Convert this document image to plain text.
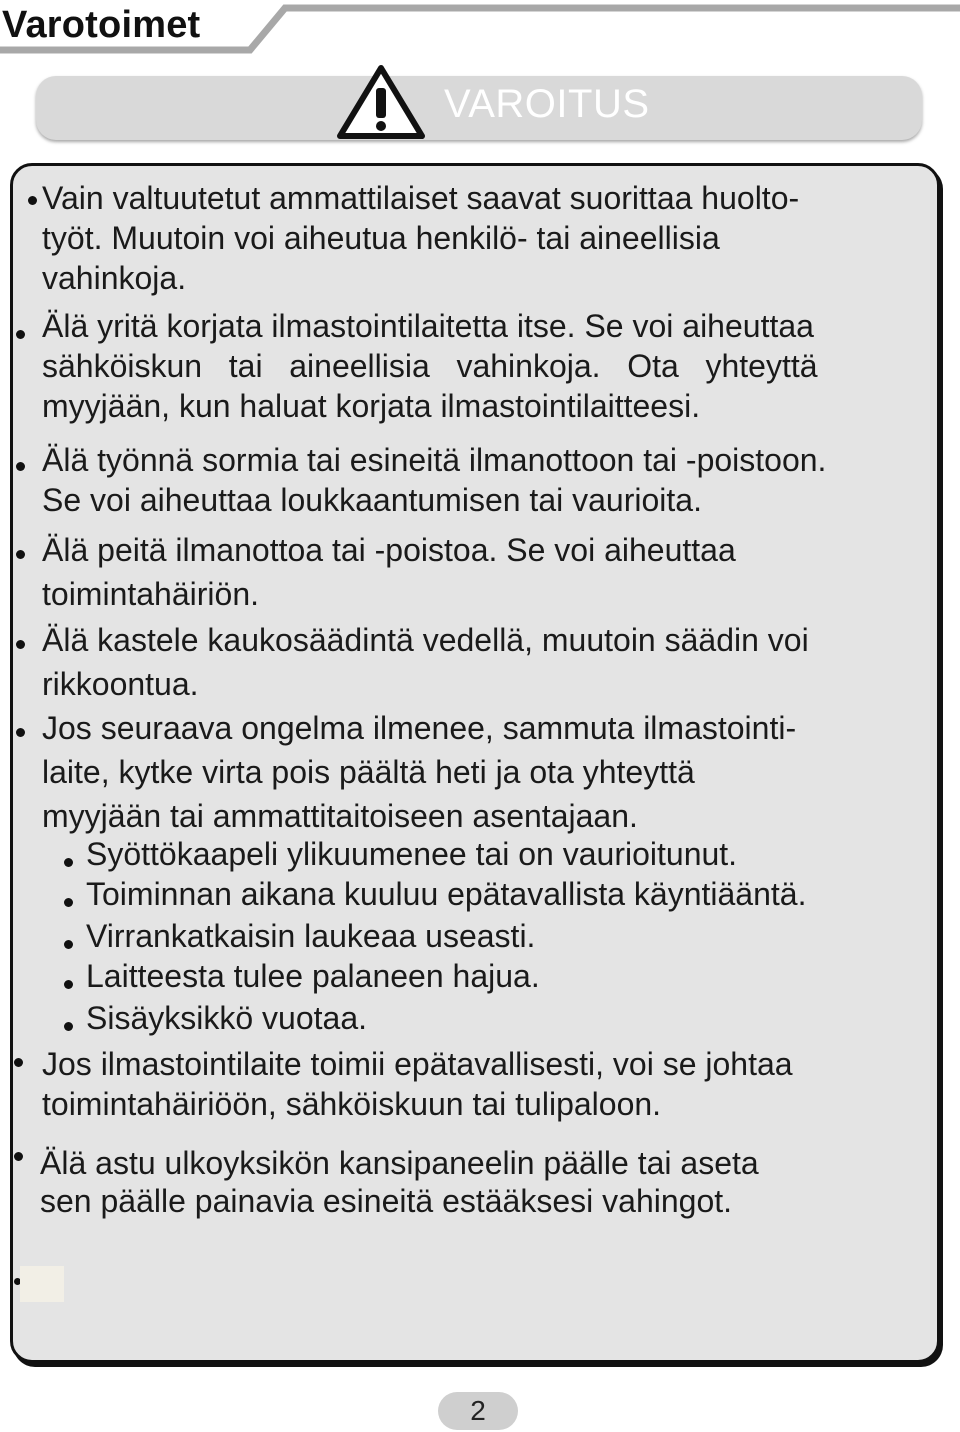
Varotoimet
VAROITUS

Vain valtuutetut ammattilaiset saavat suorittaa huolto-

työt. Muutoin voi aiheutua henkilö- tai aineellisia

vahinkoja.

Älä yritä korjata ilmastointilaitetta itse. Se voi aiheuttaa

sähköiskun   tai   aineellisia   vahinkoja.   Ota   yhteyttä

myyjään, kun haluat korjata ilmastointilaitteesi.

Älä työnnä sormia tai esineitä ilmanottoon tai -poistoon.

Se voi aiheuttaa loukkaantumisen tai vaurioita.

Älä peitä ilmanottoa tai -poistoa. Se voi aiheuttaa

toimintahäiriön.

Älä kastele kaukosäädintä vedellä, muutoin säädin voi

rikkoontua.

Jos seuraava ongelma ilmenee, sammuta ilmastointi-

laite, kytke virta pois päältä heti ja ota yhteyttä

myyjään tai ammattitaitoiseen asentajaan.

Syöttökaapeli ylikuumenee tai on vaurioitunut.
Toiminnan aikana kuuluu epätavallista käyntiääntä.
Virrankatkaisin laukeaa useasti.
Laitteesta tulee palaneen hajua.
Sisäyksikkö vuotaa.

Jos ilmastointilaite toimii epätavallisesti, voi se johtaa

toimintahäiriöön, sähköiskuun tai tulipaloon.

Älä astu ulkoyksikön kansipaneelin päälle tai aseta

sen päälle painavia esineitä estääksesi vahingot.

2
